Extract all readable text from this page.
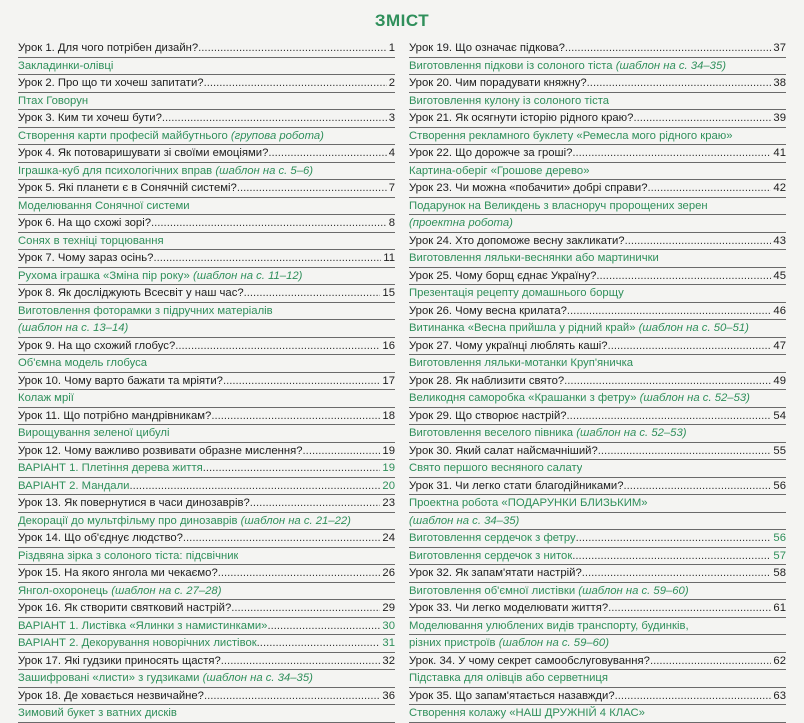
ЗМІСТ
Урок 1. Для чого потрібен дизайн? .....	1
Закладинки-олівці
Урок 2. Про що ти хочеш запитати? .....	2
Птах Говорун
Урок 3. Ким ти хочеш бути? .....	3
Створення карти професій майбутнього (групова робота)
Урок 4. Як потоваришувати зі своїми емоціями? .....	4
Іграшка-куб для психологічних вправ (шаблон на с. 5–6)
Урок 5. Які планети є в Сонячній системі? .....	7
Моделювання Сонячної системи
Урок 6. На що схожі зорі? .....	8
Сонях в техніці торцювання
Урок 7. Чому зараз осінь? .....	11
Рухома іграшка «Зміна пір року» (шаблон на с. 11–12)
Урок 8. Як досліджують Всесвіт у наш час? .....	15
Виготовлення фоторамки з підручних матеріалів
(шаблон на с. 13–14)
Урок 9. На що схожий глобус? .....	16
Об'ємна модель глобуса
Урок 10. Чому варто бажати та мріяти? .....	17
Колаж мрії
Урок 11. Що потрібно мандрівникам? .....	18
Вирощування зеленої цибулі
Урок 12. Чому важливо розвивати образне мислення? .....	19
ВАРІАНТ 1. Плетіння дерева життя .....	19
ВАРІАНТ 2. Мандали .....	20
Урок 13. Як повернутися в часи динозаврів? .....	23
Декорації до мультфільму про динозаврів (шаблон на с. 21–22)
Урок 14. Що об'єднує людство? .....	24
Різдвяна зірка з солоного тіста: підсвічник
Урок 15. На якого янгола ми чекаємо? .....	26
Янгол-охоронець (шаблон на с. 27–28)
Урок 16. Як створити святковий настрій? .....	29
ВАРІАНТ 1. Листівка «Ялинки з намистинками» .....	30
ВАРІАНТ 2. Декорування новорічних листівок .....	31
Урок 17. Які гудзики приносять щастя? .....	32
Зашифровані «листи» з гудзиками (шаблон на с. 34–35)
Урок 18. Де ховається незвичайне? .....	36
Зимовий букет з ватних дисків
Урок 19. Що означає підкова? .....	37
Виготовлення підкови із солоного тіста (шаблон на с. 34–35)
Урок 20. Чим порадувати княжну? .....	38
Виготовлення кулону із солоного тіста
Урок 21. Як осягнути історію рідного краю? .....	39
Створення рекламного буклету «Ремесла мого рідного краю»
Урок 22. Що дорожче за гроші? .....	41
Картина-оберіг «Грошове дерево»
Урок 23. Чи можна «побачити» добрі справи? .....	42
Подарунок на Великдень з власноруч пророщених зерен
(проектна робота)
Урок 24. Хто допоможе весну закликати? .....	43
Виготовлення ляльки-веснянки або мартинички
Урок 25. Чому борщ єднає Україну? .....	45
Презентація рецепту домашнього борщу
Урок 26. Чому весна крилата? .....	46
Витинанка «Весна прийшла у рідний край» (шаблон на с. 50–51)
Урок 27. Чому українці люблять каші? .....	47
Виготовлення ляльки-мотанки Круп'яничка
Урок 28. Як наблизити свято? .....	49
Великодня саморобка «Крашанки з фетру» (шаблон на с. 52–53)
Урок 29. Що створює настрій? .....	54
Виготовлення веселого півника (шаблон на с. 52–53)
Урок 30. Який салат найсмачніший? .....	55
Свято першого весняного салату
Урок 31. Чи легко стати благодійниками? .....	56
Проектна робота «ПОДАРУНКИ БЛИЗЬКИМ»
(шаблон на с. 34–35)
Виготовлення сердечок з фетру .....	56
Виготовлення сердечок з ниток .....	57
Урок 32. Як запам'ятати настрій? .....	58
Виготовлення об'ємної листівки (шаблон на с. 59–60)
Урок 33. Чи легко моделювати життя? .....	61
Моделювання улюблених видів транспорту, будинків,
різних пристроїв (шаблон на с. 59–60)
Урок. 34. У чому секрет самообслуговування? .....	62
Підставка для олівців або серветниця
Урок 35. Що запам'ятається назавжди? .....	63
Створення колажу «НАШ ДРУЖНІЙ 4 КЛАС»
